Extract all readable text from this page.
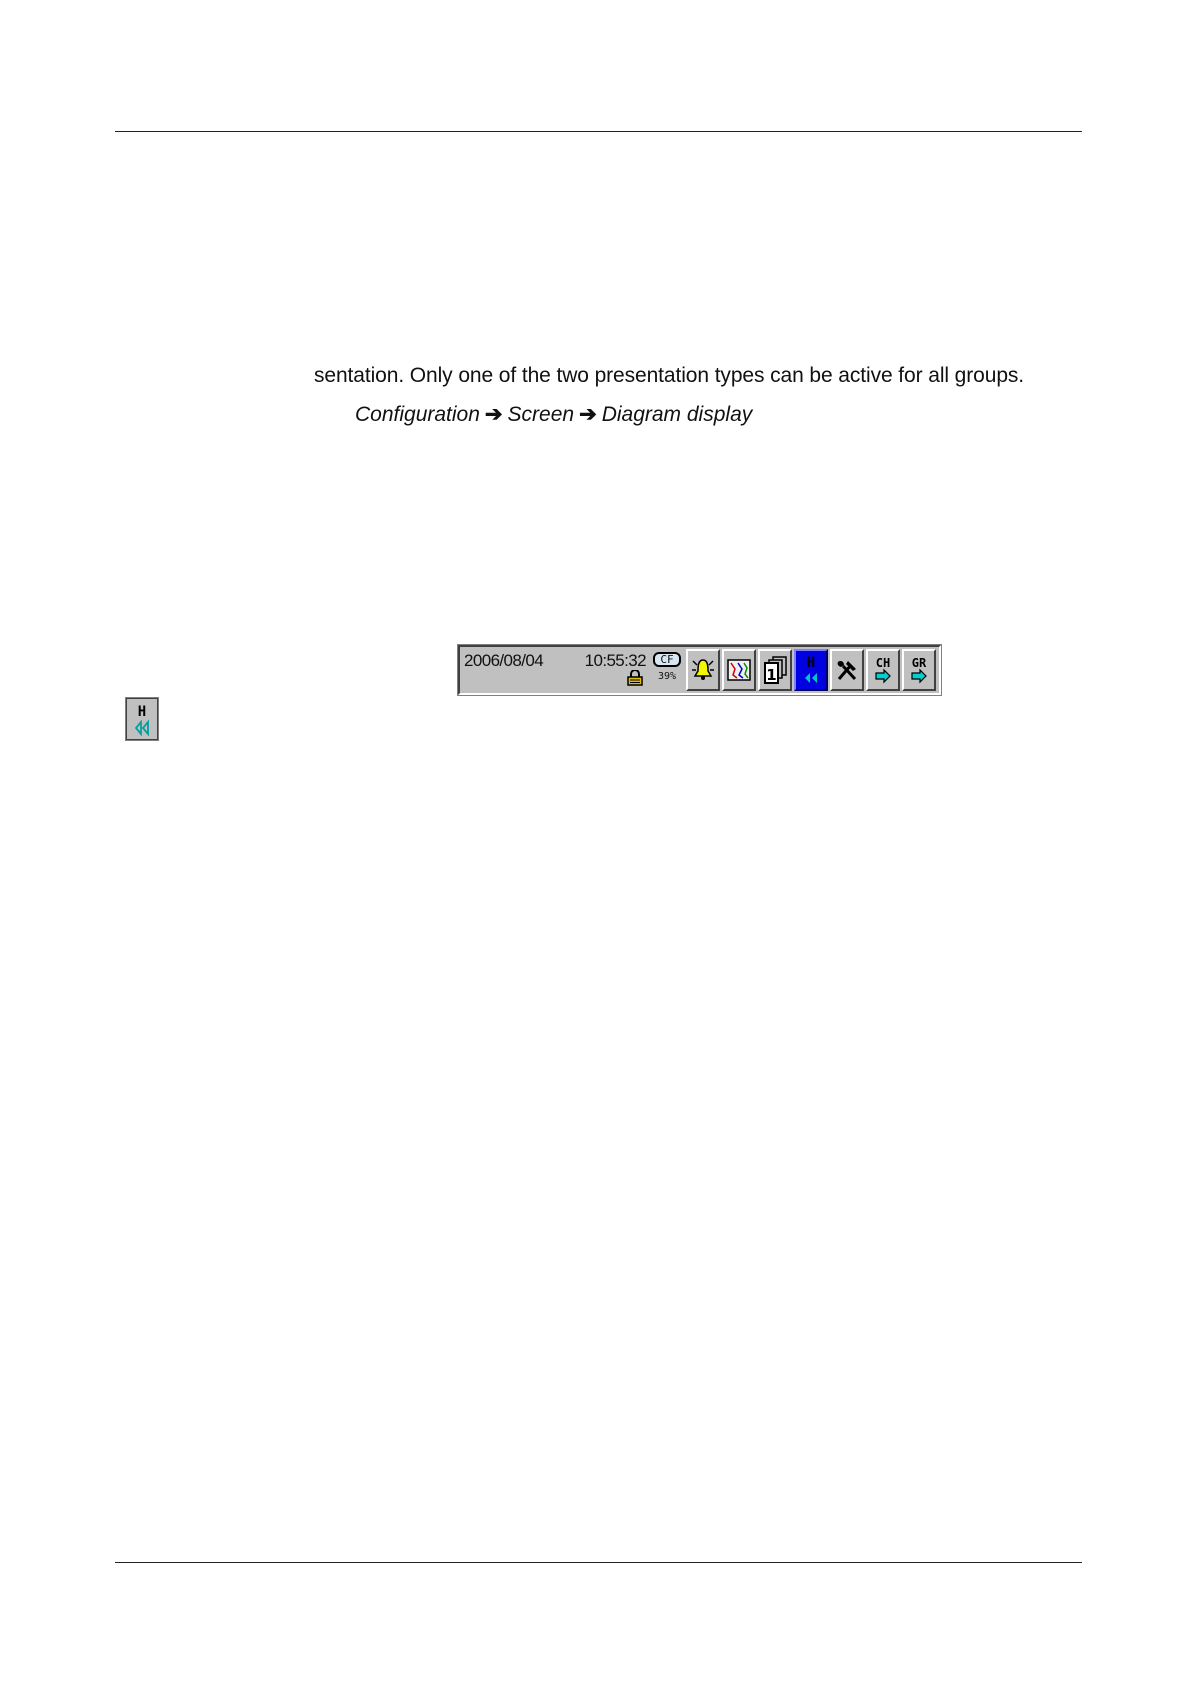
sentation. Only one of the two presentation types can be active for all groups.
Configuration ➔ Screen ➔ Diagram display
2006/08/04 10:55:32	CF
39%	1
H	CH GR
H
